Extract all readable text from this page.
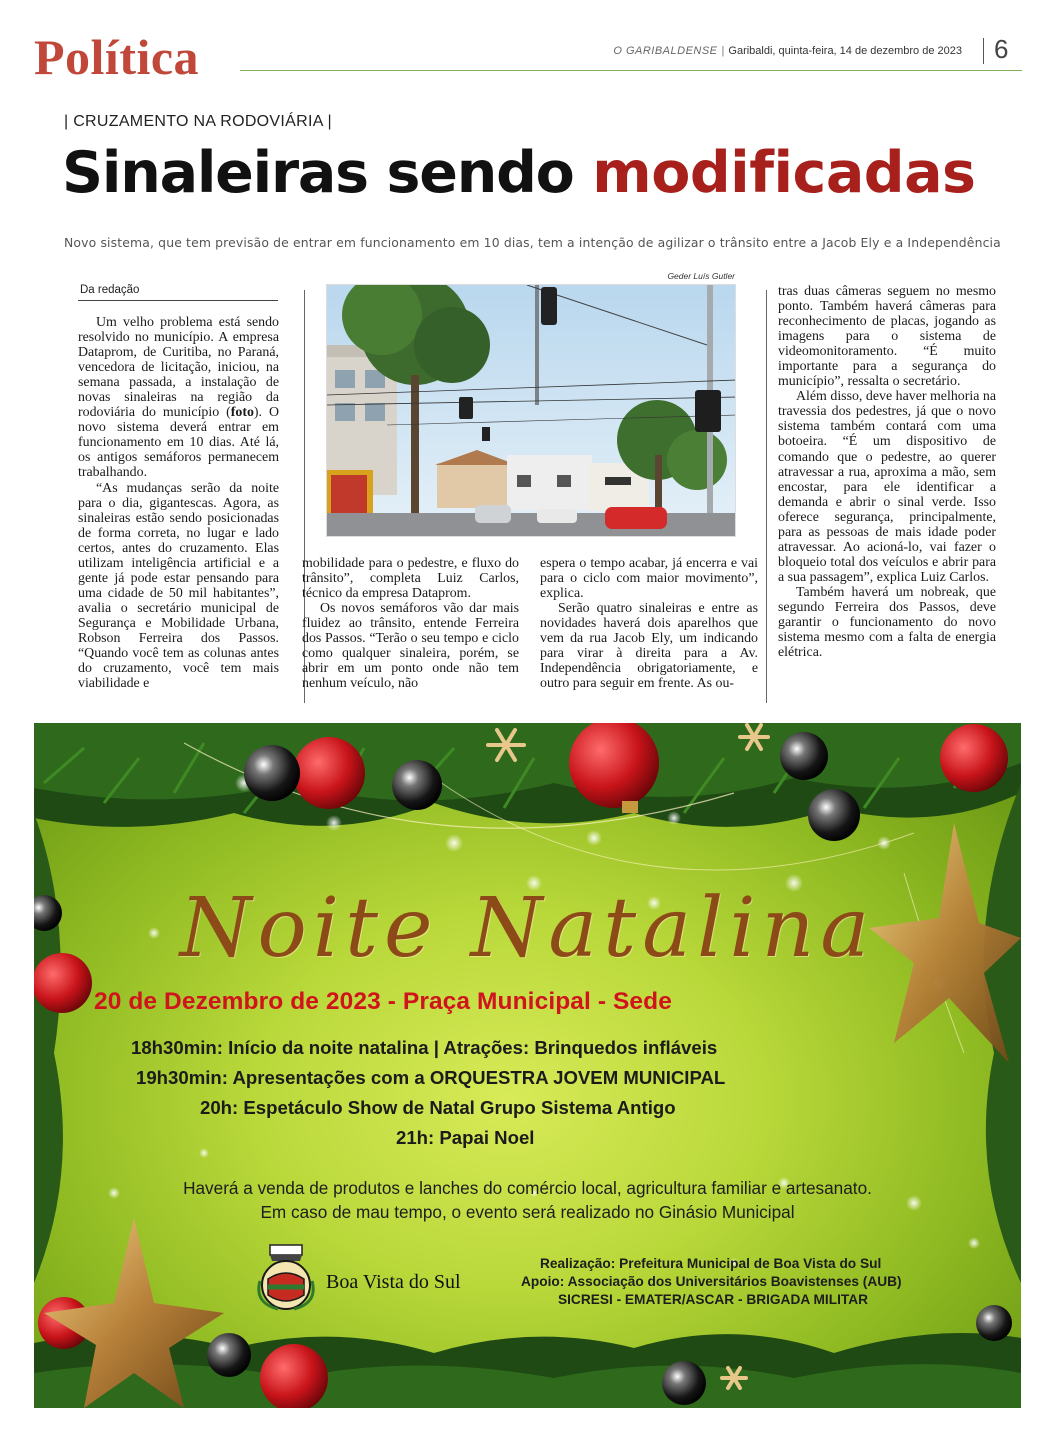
Política	O GARIBALDENSE | Garibaldi, quinta-feira, 14 de dezembro de 2023 6
| CRUZAMENTO NA RODOVIÁRIA |
Sinaleiras sendo modificadas
Novo sistema, que tem previsão de entrar em funcionamento em 10 dias, tem a intenção de agilizar o trânsito entre a Jacob Ely e a Independência
Da redação

Um velho problema está sendo resolvido no município. A empresa Dataprom, de Curitiba, no Paraná, vencedora de licitação, iniciou, na semana passada, a instalação de novas sinaleiras na região da rodoviária do município (foto). O novo sistema deverá entrar em funcionamento em 10 dias. Até lá, os antigos semáforos permanecem trabalhando.

“As mudanças serão da noite para o dia, gigantescas. Agora, as sinaleiras estão sendo posicionadas de forma correta, no lugar e lado certos, antes do cruzamento. Elas utilizam inteligência artificial e a gente já pode estar pensando para uma cidade de 50 mil habitantes”, avalia o secretário municipal de Segurança e Mobilidade Urbana, Robson Ferreira dos Passos. “Quando você tem as colunas antes do cruzamento, você tem mais viabilidade e

mobilidade para o pedestre, e fluxo do trânsito”, completa Luiz Carlos, técnico da empresa Dataprom.

Os novos semáforos vão dar mais fluidez ao trânsito, entende Ferreira dos Passos. “Terão o seu tempo e ciclo como qualquer sinaleira, porém, se abrir em um ponto onde não tem nenhum veículo, não

espera o tempo acabar, já encerra e vai para o ciclo com maior movimento”, explica.

Serão quatro sinaleiras e entre as novidades haverá dois aparelhos que vem da rua Jacob Ely, um indicando para virar à direita para a Av. Independência obrigatoriamente, e outro para seguir em frente. As ou-

tras duas câmeras seguem no mesmo ponto. Também haverá câmeras para reconhecimento de placas, jogando as imagens para o sistema de videomonitoramento. “É muito importante para a segurança do município”, ressalta o secretário.

Além disso, deve haver melhoria na travessia dos pedestres, já que o novo sistema também contará com uma botoeira. “É um dispositivo de comando que o pedestre, ao querer atravessar a rua, aproxima a mão, sem encostar, para ele identificar a demanda e abrir o sinal verde. Isso oferece segurança, principalmente, para as pessoas de mais idade poder atravessar. Ao acioná-lo, vai fazer o bloqueio total dos veículos e abrir para a sua passagem”, explica Luiz Carlos.

Também haverá um nobreak, que segundo Ferreira dos Passos, deve garantir o funcionamento do novo sistema mesmo com a falta de energia elétrica.

Geder Luís Gutler
Noite Natalina
20 de Dezembro de 2023 - Praça Municipal - Sede
18h30min: Início da noite natalina | Atrações: Brinquedos infláveis
19h30min: Apresentações com a ORQUESTRA JOVEM MUNICIPAL
20h: Espetáculo Show de Natal Grupo Sistema Antigo
21h: Papai Noel
Haverá a venda de produtos e lanches do comércio local, agricultura familiar e artesanato.
Em caso de mau tempo, o evento será realizado no Ginásio Municipal
Boa Vista do Sul
Realização: Prefeitura Municipal de Boa Vista do Sul
Apoio: Associação dos Universitários Boavistenses (AUB)
SICRESI - EMATER/ASCAR - BRIGADA MILITAR
